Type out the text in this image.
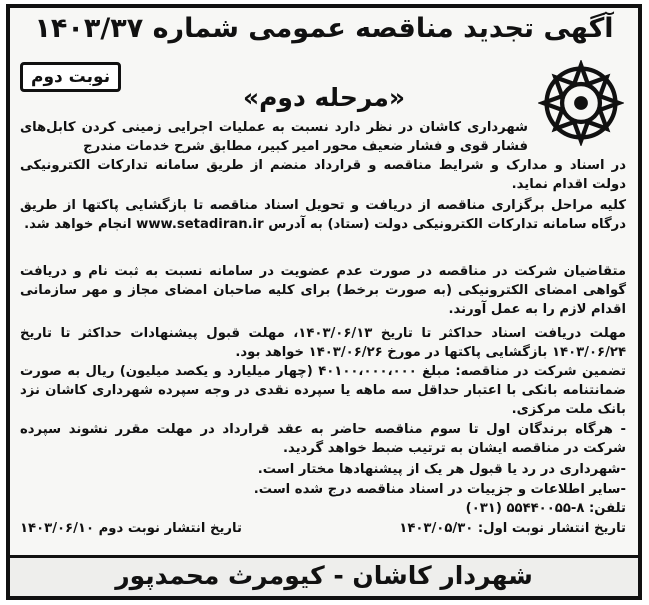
آگهی تجدید مناقصه عمومی شماره ۱۴۰۳/۳۷
نوبت دوم
«مرحله دوم»

شهرداری کاشان در نظر دارد نسبت به عملیات اجرایی زمینی کردن کابل‌های فشار قوی و فشار ضعیف محور امیر کبیر، مطابق شرح خدمات مندرج

در اسناد و مدارک و شرایط مناقصه و قرارداد منضم از طریق سامانه تدارکات الکترونیکی دولت اقدام نماید.

کلیه مراحل برگزاری مناقصه از دریافت و تحویل اسناد مناقصه تا بازگشایی پاکتها از طریق درگاه سامانه تدارکات الکترونیکی دولت (ستاد) به آدرس www.setadiran.ir انجام خواهد شد.

متقاضیان شرکت در مناقصه در صورت عدم عضویت در سامانه نسبت به ثبت نام و دریافت گواهی امضای الکترونیکی (به صورت برخط) برای کلیه صاحبان امضای مجاز و مهر سازمانی اقدام لازم را به عمل آورند.

مهلت دریافت اسناد حداکثر تا تاریخ ۱۴۰۳/۰۶/۱۳، مهلت قبول پیشنهادات حداکثر تا تاریخ ۱۴۰۳/۰۶/۲۴ بازگشایی پاکتها در مورخ ۱۴۰۳/۰۶/۲۶ خواهد بود.

تضمین شرکت در مناقصه: مبلغ ۴۰۱۰۰،۰۰۰،۰۰۰ (چهار میلیارد و یکصد میلیون) ریال به صورت ضمانتنامه بانکی با اعتبار حداقل سه ماهه یا سپرده نقدی در وجه سپرده شهرداری کاشان نزد بانک ملت مرکزی.

- هرگاه برندگان اول تا سوم مناقصه حاضر به عقد قرارداد در مهلت مقرر نشوند سپرده شرکت در مناقصه ایشان به ترتیب ضبط خواهد گردید.

-شهرداری در رد یا قبول هر یک از پیشنهادها مختار است.

-سایر اطلاعات و جزییات در اسناد مناقصه درج شده است.

تلفن: ۸-۵۵۴۴۰۰۵۵ (۰۳۱)
تاریخ انتشار نوبت اول: ۱۴۰۳/۰۵/۳۰
تاریخ انتشار نوبت دوم ۱۴۰۳/۰۶/۱۰
شهردار کاشان - کیومرث محمدپور
